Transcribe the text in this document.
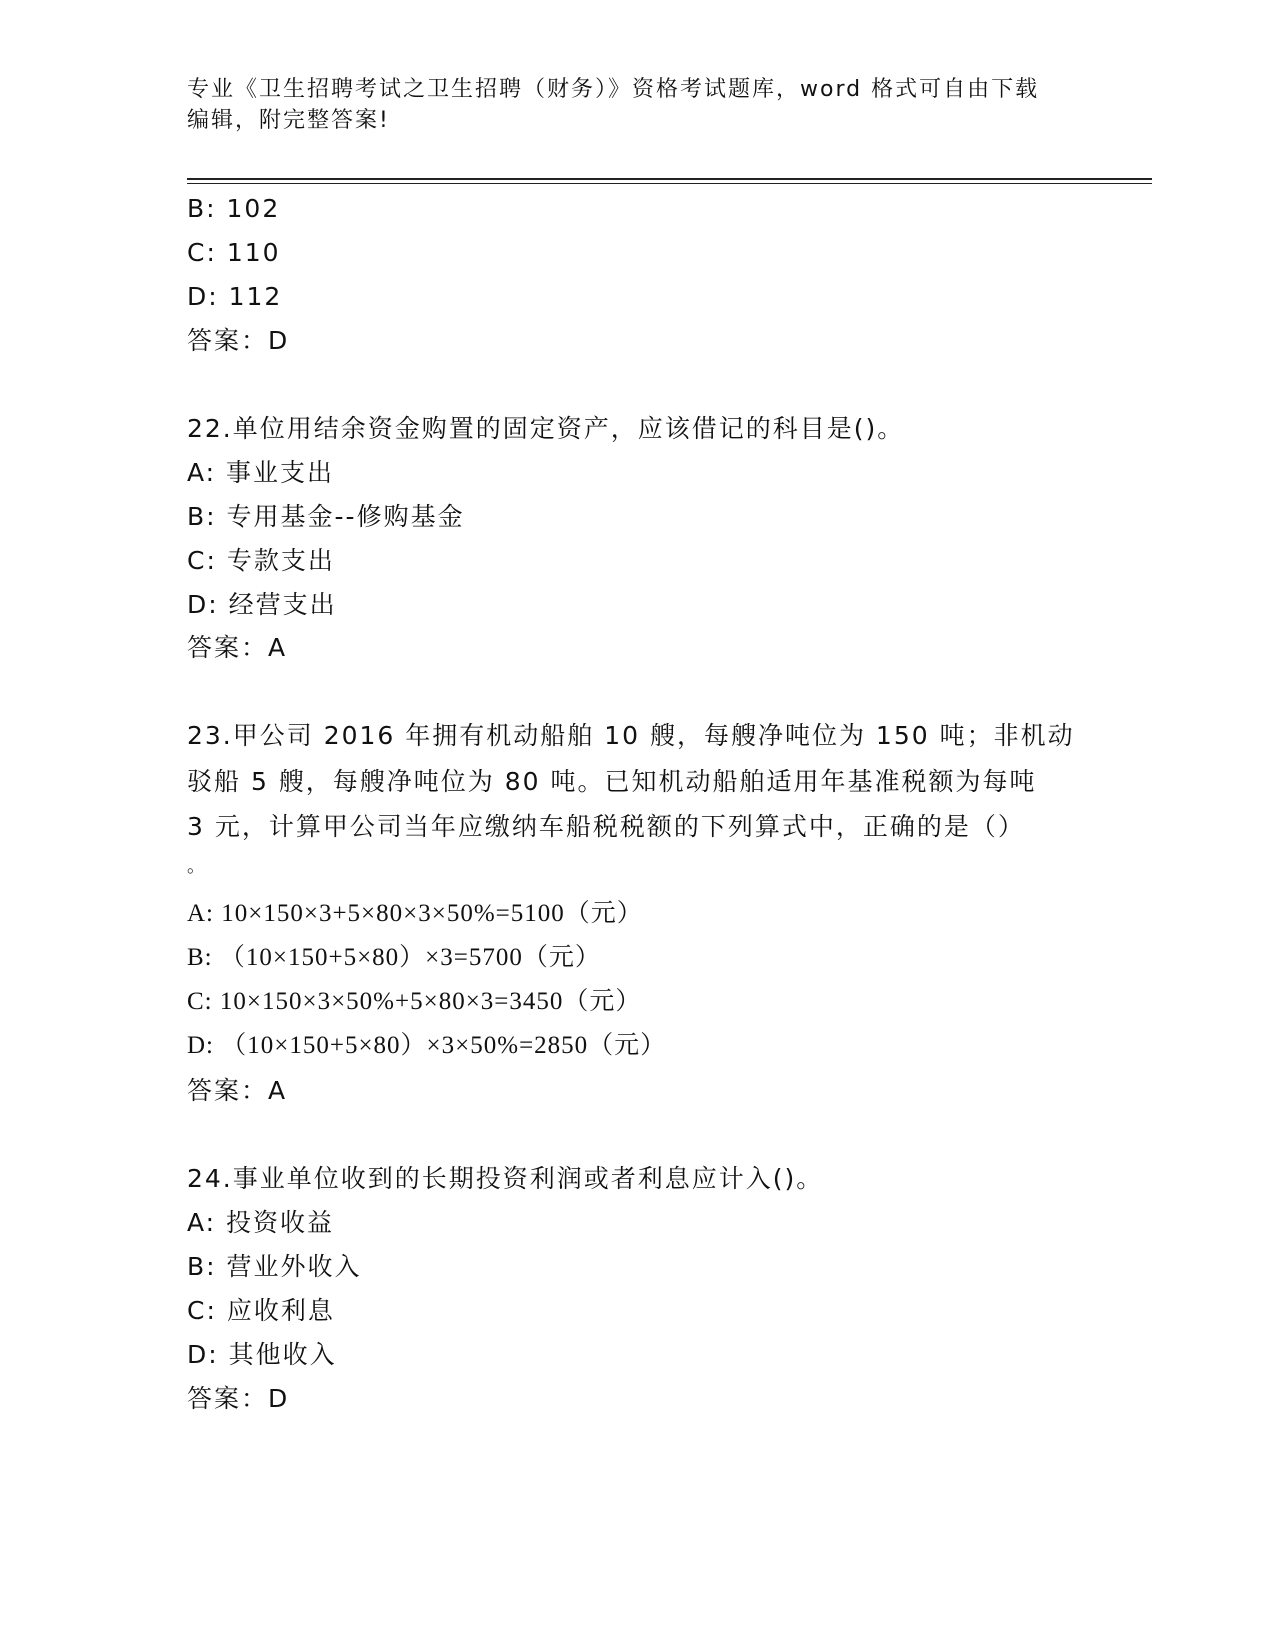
专业《卫生招聘考试之卫生招聘（财务）》资格考试题库，word 格式可自由下载
编辑，附完整答案!
B: 102
C: 110
D: 112
答案：D
22.单位用结余资金购置的固定资产，应该借记的科目是()。
A: 事业支出
B: 专用基金--修购基金
C: 专款支出
D: 经营支出
答案：A
23.甲公司 2016 年拥有机动船舶 10 艘，每艘净吨位为 150 吨；非机动
驳船 5 艘，每艘净吨位为 80 吨。已知机动船舶适用年基准税额为每吨
3 元，计算甲公司当年应缴纳车船税税额的下列算式中，正确的是（）
。
A: 10×150×3+5×80×3×50%=5100（元）
B: （10×150+5×80）×3=5700（元）
C: 10×150×3×50%+5×80×3=3450（元）
D: （10×150+5×80）×3×50%=2850（元）
答案：A
24.事业单位收到的长期投资利润或者利息应计入()。
A: 投资收益
B: 营业外收入
C: 应收利息
D: 其他收入
答案：D
